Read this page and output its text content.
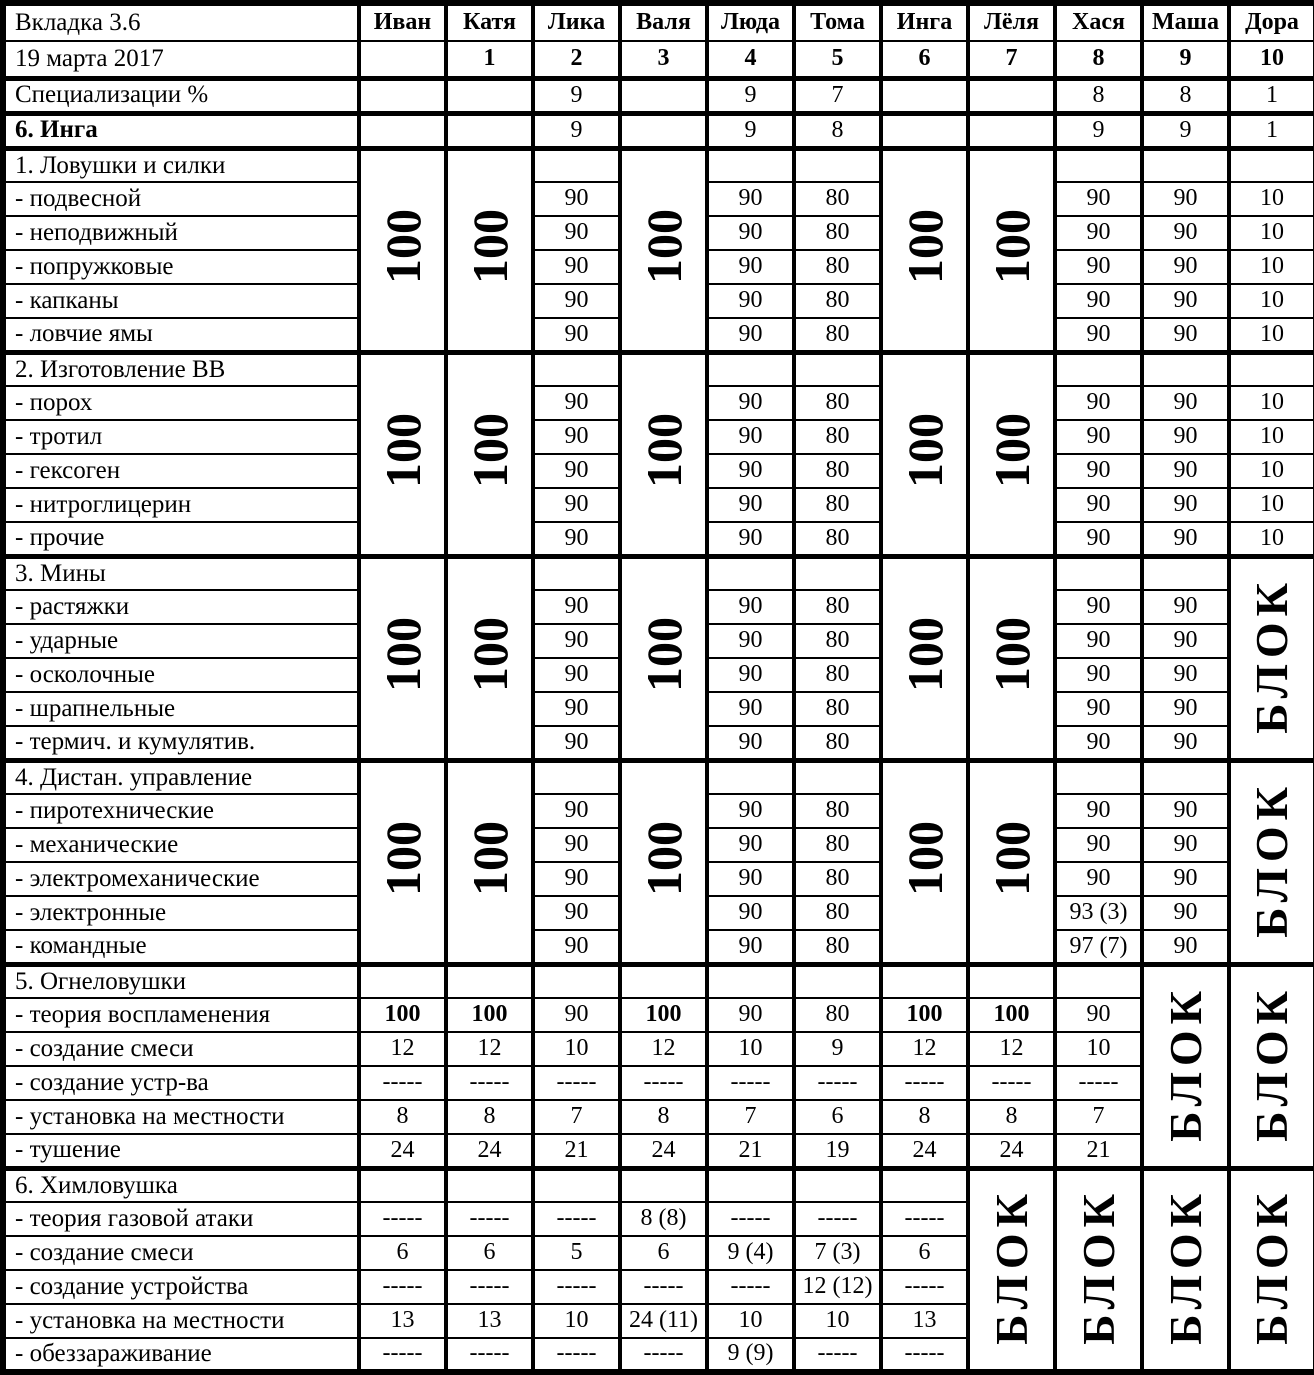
Вкладка 3.6	Иван	Катя	Лика	Валя	Люда	Тома	Инга	Лёля	Хася	Маша	Дора
19 марта 2017		1	2	3	4	5	6	7	8	9	10
Специализации %			9		9	7			8	8	1
6. Инга			9		9	8			9	9	1
1. Ловушки и силки	100	100		100			100	100			
- подвесной			90		90	80			90	90	10
- неподвижный			90		90	80			90	90	10
- попружковые			90		90	80			90	90	10
- капканы			90		90	80			90	90	10
- ловчие ямы			90		90	80			90	90	10
2. Изготовление ВВ	100	100		100			100	100			
- порох			90		90	80			90	90	10
- тротил			90		90	80			90	90	10
- гексоген			90		90	80			90	90	10
- нитроглицерин			90		90	80			90	90	10
- прочие			90		90	80			90	90	10
3. Мины	100	100		100			100	100			БЛОК
- растяжки			90		90	80			90	90	
- ударные			90		90	80			90	90	
- осколочные			90		90	80			90	90	
- шрапнельные			90		90	80			90	90	
- термич. и кумулятив.			90		90	80			90	90	
4. Дистан. управление	100	100		100			100	100			БЛОК
- пиротехнические			90		90	80			90	90	
- механические			90		90	80			90	90	
- электромеханические			90		90	80			90	90	
- электронные			90		90	80			93 (3)	90	
- командные			90		90	80			97 (7)	90	
5. Огнеловушки										БЛОК	БЛОК
- теория воспламенения	100	100	90	100	90	80	100	100	90		
- создание смеси	12	12	10	12	10	9	12	12	10		
- создание устр-ва	-----	-----	-----	-----	-----	-----	-----	-----	-----		
- установка на местности	8	8	7	8	7	6	8	8	7		
- тушение	24	24	21	24	21	19	24	24	21		
6. Химловушка								БЛОК	БЛОК	БЛОК	БЛОК
- теория газовой атаки	-----	-----	-----	8 (8)	-----	-----	-----				
- создание смеси	6	6	5	6	9 (4)	7 (3)	6				
- создание устройства	-----	-----	-----	-----	-----	12 (12)	-----				
- установка на местности	13	13	10	24 (11)	10	10	13				
- обеззараживание	-----	-----	-----	-----	9 (9)	-----	-----				
